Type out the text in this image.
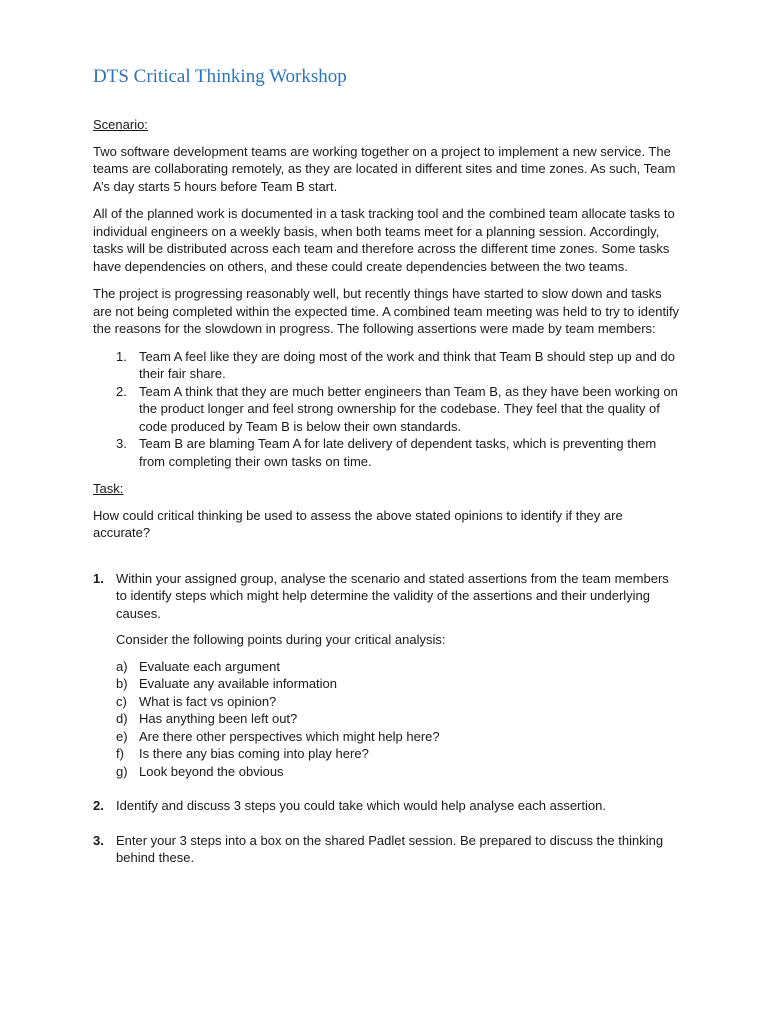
DTS Critical Thinking Workshop
Scenario:

Two software development teams are working together on a project to implement a new service. The teams are collaborating remotely, as they are located in different sites and time zones. As such, Team A’s day starts 5 hours before Team B start.

All of the planned work is documented in a task tracking tool and the combined team allocate tasks to individual engineers on a weekly basis, when both teams meet for a planning session. Accordingly, tasks will be distributed across each team and therefore across the different time zones. Some tasks have dependencies on others, and these could create dependencies between the two teams.

The project is progressing reasonably well, but recently things have started to slow down and tasks are not being completed within the expected time. A combined team meeting was held to try to identify the reasons for the slowdown in progress. The following assertions were made by team members:

1. Team A feel like they are doing most of the work and think that Team B should step up and do their fair share.
2. Team A think that they are much better engineers than Team B, as they have been working on the product longer and feel strong ownership for the codebase. They feel that the quality of code produced by Team B is below their own standards.
3. Team B are blaming Team A for late delivery of dependent tasks, which is preventing them from completing their own tasks on time.
Task:

How could critical thinking be used to assess the above stated opinions to identify if they are accurate?

1. Within your assigned group, analyse the scenario and stated assertions from the team members to identify steps which might help determine the validity of the assertions and their underlying causes.

Consider the following points during your critical analysis:

a) Evaluate each argument
b) Evaluate any available information
c) What is fact vs opinion?
d) Has anything been left out?
e) Are there other perspectives which might help here?
f) Is there any bias coming into play here?
g) Look beyond the obvious
2. Identify and discuss 3 steps you could take which would help analyse each assertion.

3. Enter your 3 steps into a box on the shared Padlet session. Be prepared to discuss the thinking behind these.
